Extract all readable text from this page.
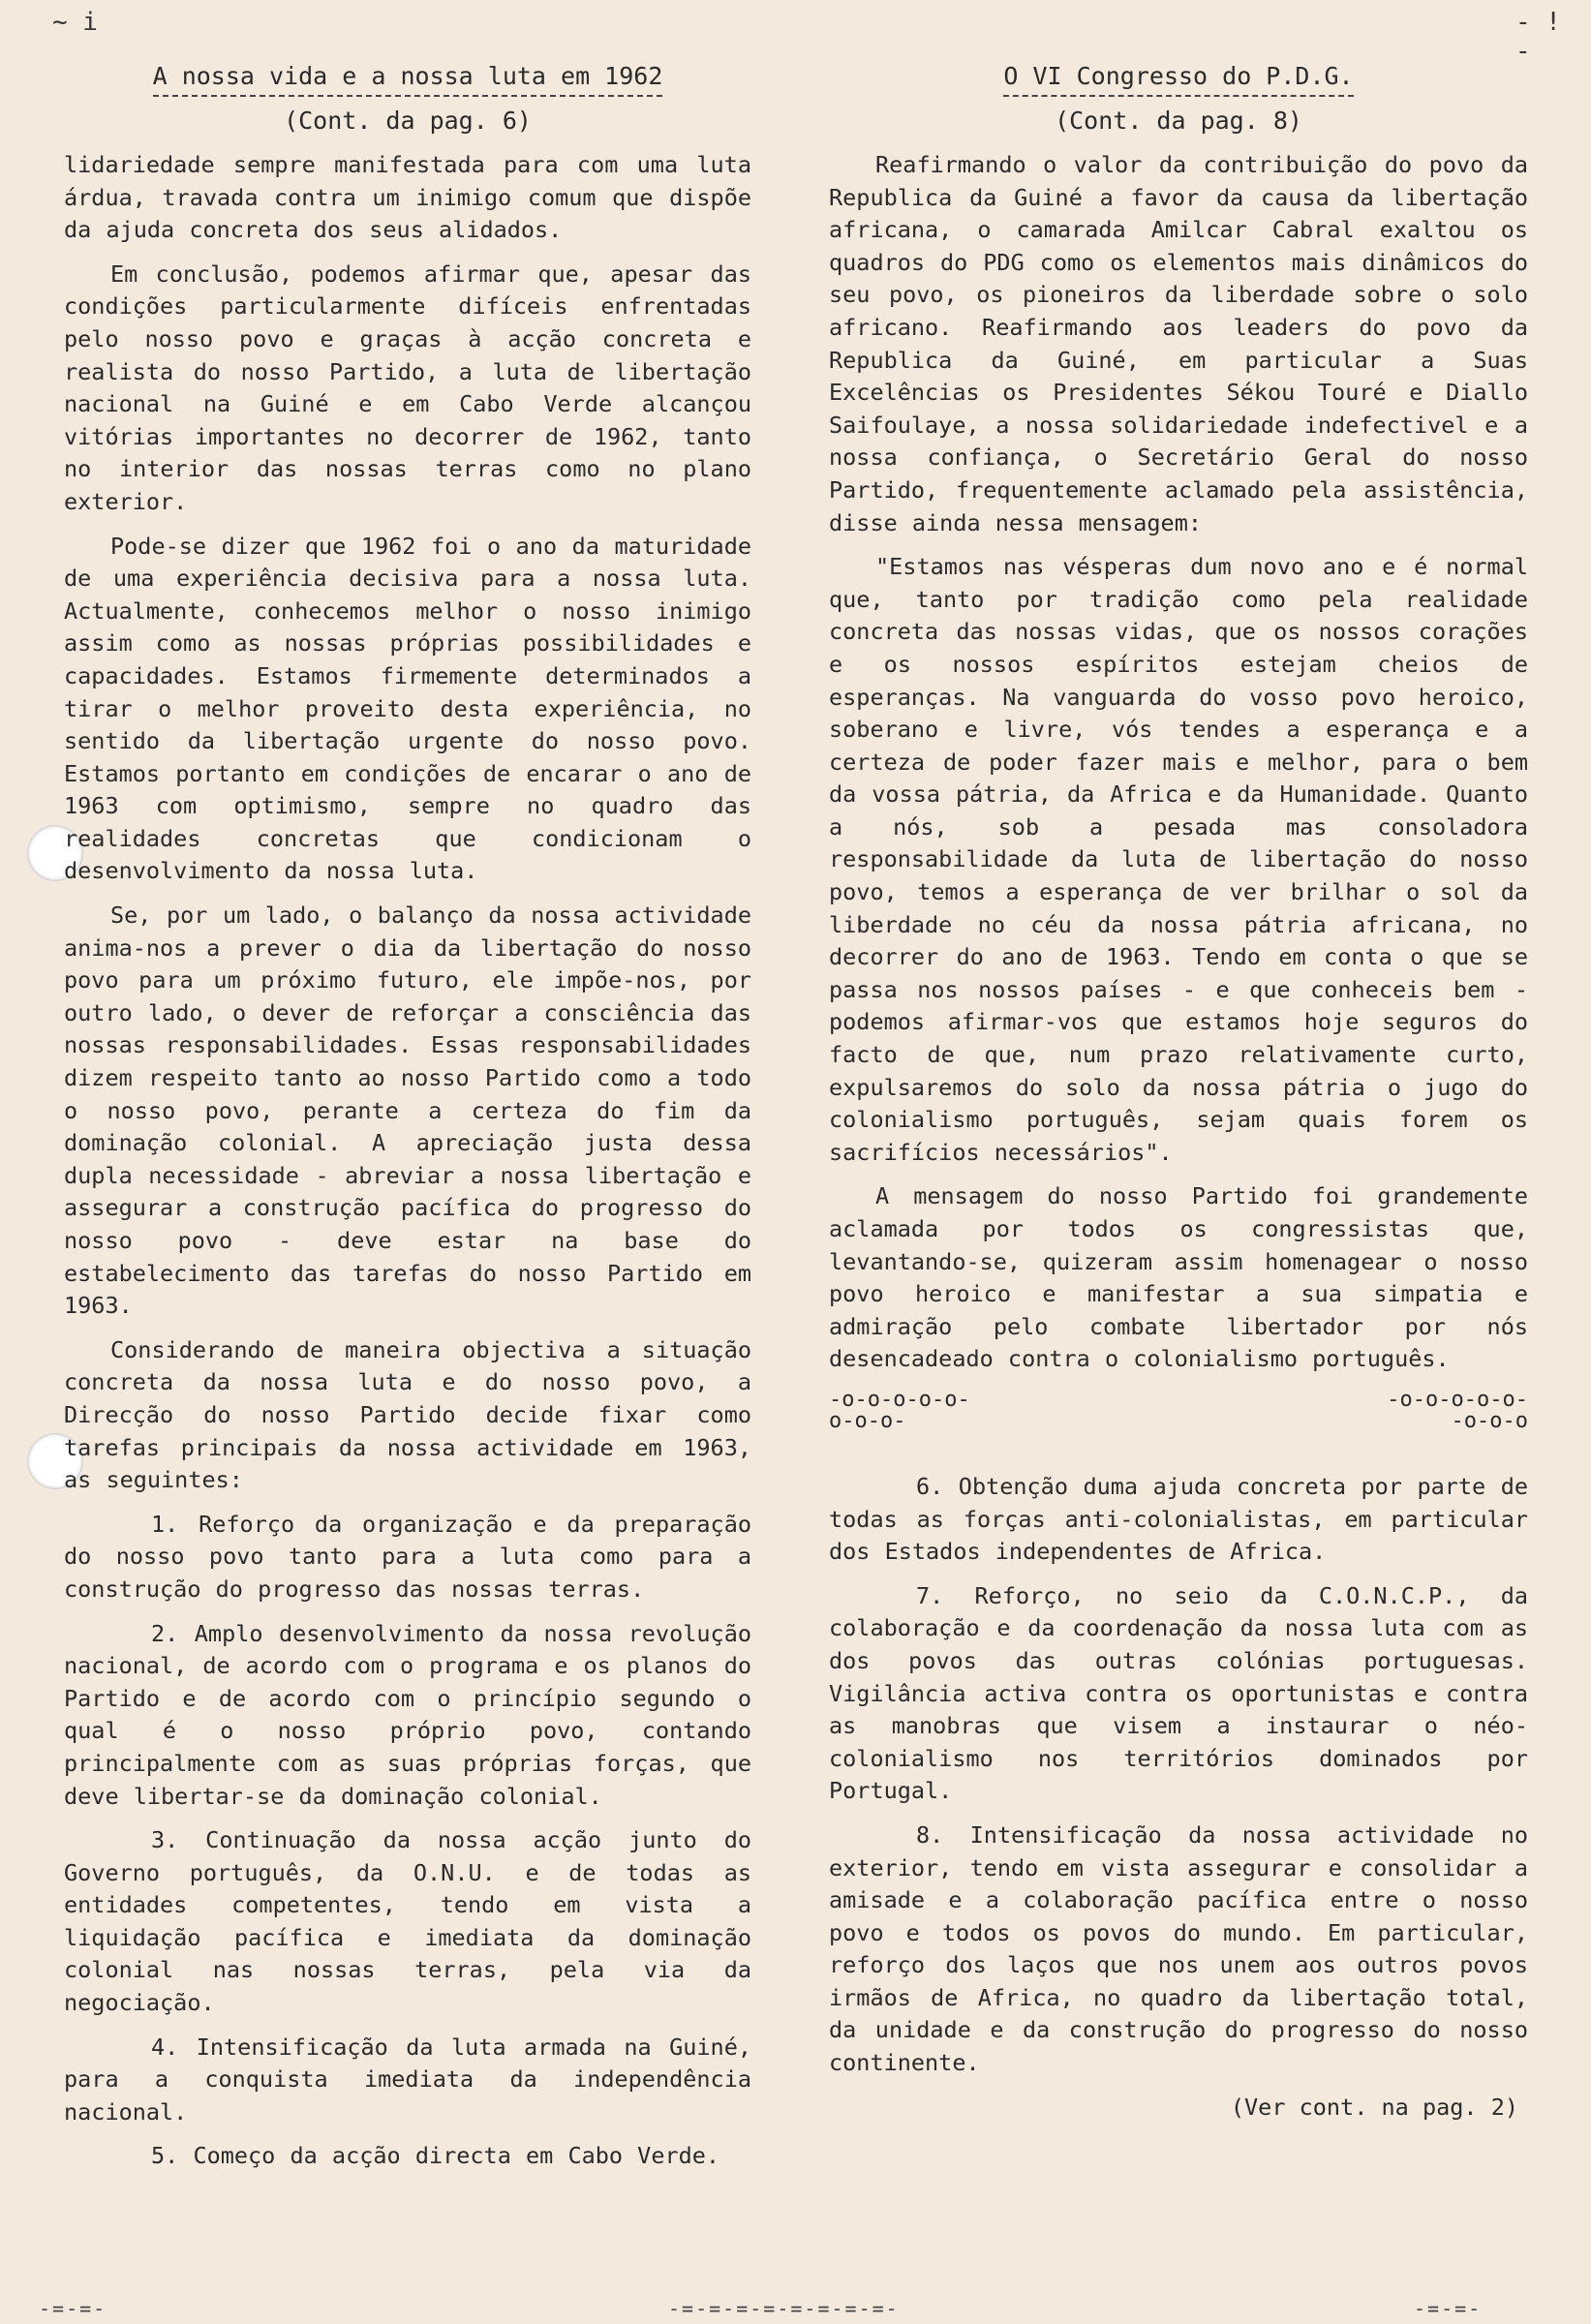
~ i	- ! -
A nossa vida e a nossa luta em 1962
(Cont. da pag. 6)

lidariedade sempre manifestada para com uma luta árdua, travada contra um inimigo comum que dispõe da ajuda concreta dos seus alidados.

Em conclusão, podemos afirmar que, apesar das condições particularmente difíceis enfrentadas pelo nosso povo e graças à acção concreta e realista do nosso Partido, a luta de libertação nacional na Guiné e em Cabo Verde alcançou vitórias importantes no decorrer de 1962, tanto no interior das nossas terras como no plano exterior.

Pode-se dizer que 1962 foi o ano da maturidade de uma experiência decisiva para a nossa luta. Actualmente, conhecemos melhor o nosso inimigo assim como as nossas próprias possibilidades e capacidades. Estamos firmemente determinados a tirar o melhor proveito desta experiência, no sentido da libertação urgente do nosso povo. Estamos portanto em condições de encarar o ano de 1963 com optimismo, sempre no quadro das realidades concretas que condicionam o desenvolvimento da nossa luta.

Se, por um lado, o balanço da nossa actividade anima-nos a prever o dia da libertação do nosso povo para um próximo futuro, ele impõe-nos, por outro lado, o dever de reforçar a consciência das nossas responsabilidades. Essas responsabilidades dizem respeito tanto ao nosso Partido como a todo o nosso povo, perante a certeza do fim da dominação colonial. A apreciação justa dessa dupla necessidade - abreviar a nossa libertação e assegurar a construção pacífica do progresso do nosso povo - deve estar na base do estabelecimento das tarefas do nosso Partido em 1963.

Considerando de maneira objectiva a situação concreta da nossa luta e do nosso povo, a Direcção do nosso Partido decide fixar como tarefas principais da nossa actividade em 1963, as seguintes:

1. Reforço da organização e da preparação do nosso povo tanto para a luta como para a construção do progresso das nossas terras.

2. Amplo desenvolvimento da nossa revolução nacional, de acordo com o programa e os planos do Partido e de acordo com o princípio segundo o qual é o nosso próprio povo, contando principalmente com as suas próprias forças, que deve libertar-se da dominação colonial.

3. Continuação da nossa acção junto do Governo português, da O.N.U. e de todas as entidades competentes, tendo em vista a liquidação pacífica e imediata da dominação colonial nas nossas terras, pela via da negociação.

4. Intensificação da luta armada na Guiné, para a conquista imediata da independência nacional.

5. Começo da acção directa em Cabo Verde.

O VI Congresso do P.D.G.
(Cont. da pag. 8)

Reafirmando o valor da contribuição do povo da Republica da Guiné a favor da causa da libertação africana, o camarada Amilcar Cabral exaltou os quadros do PDG como os elementos mais dinâmicos do seu povo, os pioneiros da liberdade sobre o solo africano. Reafirmando aos leaders do povo da Republica da Guiné, em particular a Suas Excelências os Presidentes Sékou Touré e Diallo Saifoulaye, a nossa solidariedade indefectivel e a nossa confiança, o Secretário Geral do nosso Partido, frequentemente aclamado pela assistência, disse ainda nessa mensagem:

"Estamos nas vésperas dum novo ano e é normal que, tanto por tradição como pela realidade concreta das nossas vidas, que os nossos corações e os nossos espíritos estejam cheios de esperanças. Na vanguarda do vosso povo heroico, soberano e livre, vós tendes a esperança e a certeza de poder fazer mais e melhor, para o bem da vossa pátria, da Africa e da Humanidade. Quanto a nós, sob a pesada mas consoladora responsabilidade da luta de libertação do nosso povo, temos a esperança de ver brilhar o sol da liberdade no céu da nossa pátria africana, no decorrer do ano de 1963. Tendo em conta o que se passa nos nossos países - e que conheceis bem - podemos afirmar-vos que estamos hoje seguros do facto de que, num prazo relativamente curto, expulsaremos do solo da nossa pátria o jugo do colonialismo português, sejam quais forem os sacrifícios necessários".

A mensagem do nosso Partido foi grandemente aclamada por todos os congressistas que, levantando-se, quizeram assim homenagear o nosso povo heroico e manifestar a sua simpatia e admiração pelo combate libertador por nós desencadeado contra o colonialismo português.

-o-o-o-o-o-
o-o-o-
-o-o-o-o-o-
-o-o-o

6. Obtenção duma ajuda concreta por parte de todas as forças anti-colonialistas, em particular dos Estados independentes de Africa.

7. Reforço, no seio da C.O.N.C.P., da colaboração e da coordenação da nossa luta com as dos povos das outras colónias portuguesas. Vigilância activa contra os oportunistas e contra as manobras que visem a instaurar o néo-colonialismo nos territórios dominados por Portugal.

8. Intensificação da nossa actividade no exterior, tendo em vista assegurar e consolidar a amisade e a colaboração pacífica entre o nosso povo e todos os povos do mundo. Em particular, reforço dos laços que nos unem aos outros povos irmãos de Africa, no quadro da libertação total, da unidade e da construção do progresso do nosso continente.

(Ver cont. na pag. 2)
-=-=-	-=-=-=-=-=-=-=-=-	-=-=-
